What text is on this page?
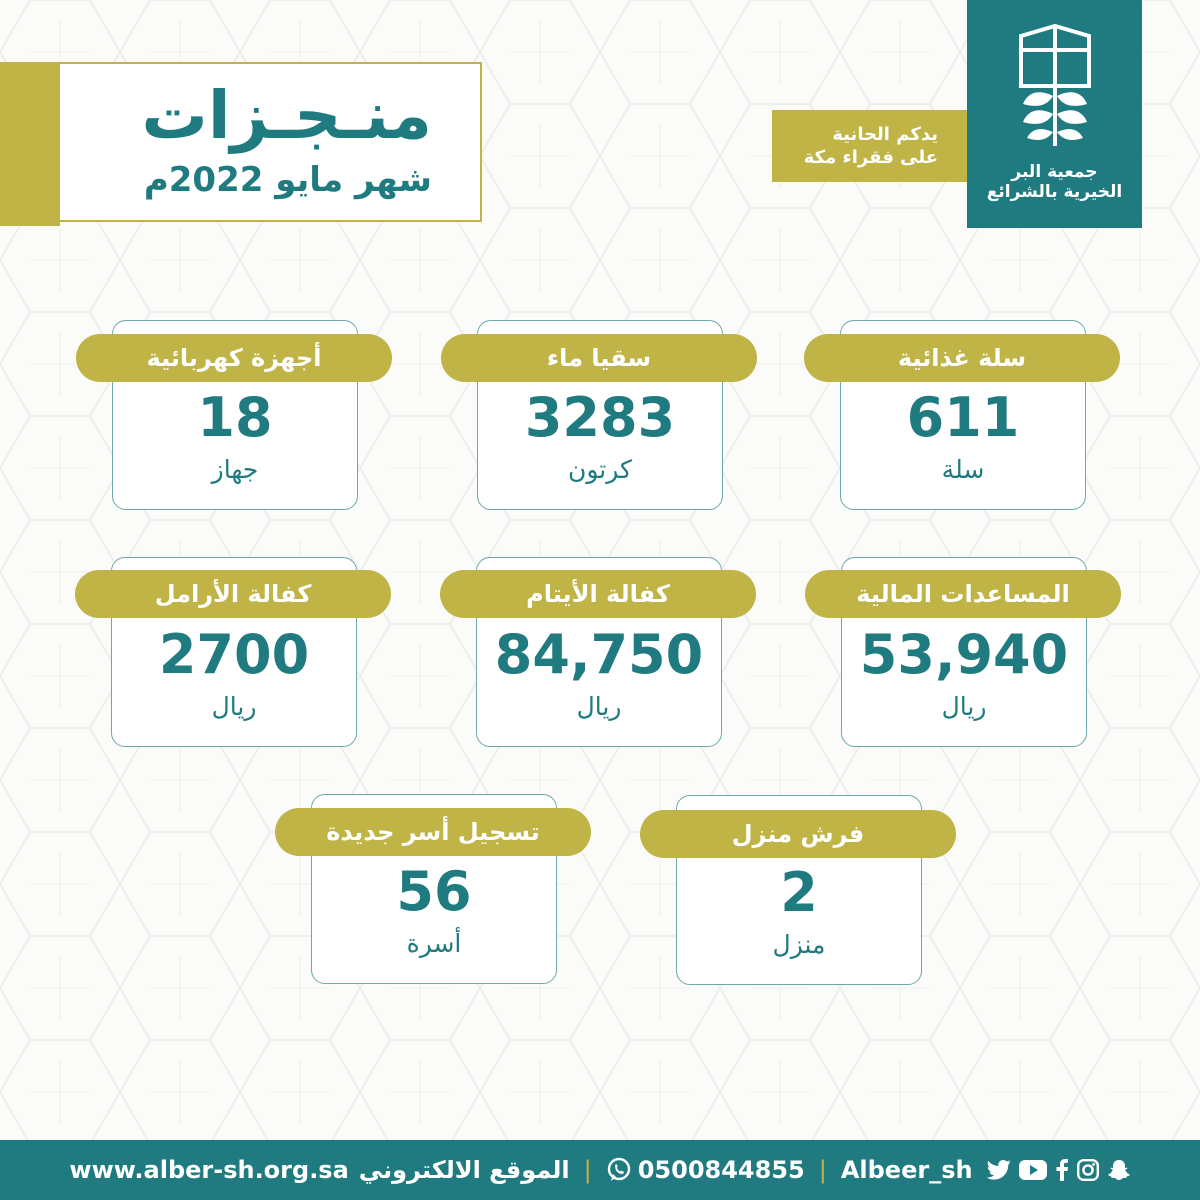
منـجـزات
شهر مايو 2022م
يدكم الحانية
على فقراء مكة
جمعية البر
الخيرية بالشرائع
611
سلة
سلة غذائية
3283
كرتون
سقيا ماء
18
جهاز
أجهزة كهربائية
53,940
ريال
المساعدات المالية
84,750
ريال
كفالة الأيتام
2700
ريال
كفالة الأرامل
2
منزل
فرش منزل
56
أسرة
تسجيل أسر جديدة
www.alber-sh.org.sa الموقع الالكتروني | 0500844855 | Albeer_sh
